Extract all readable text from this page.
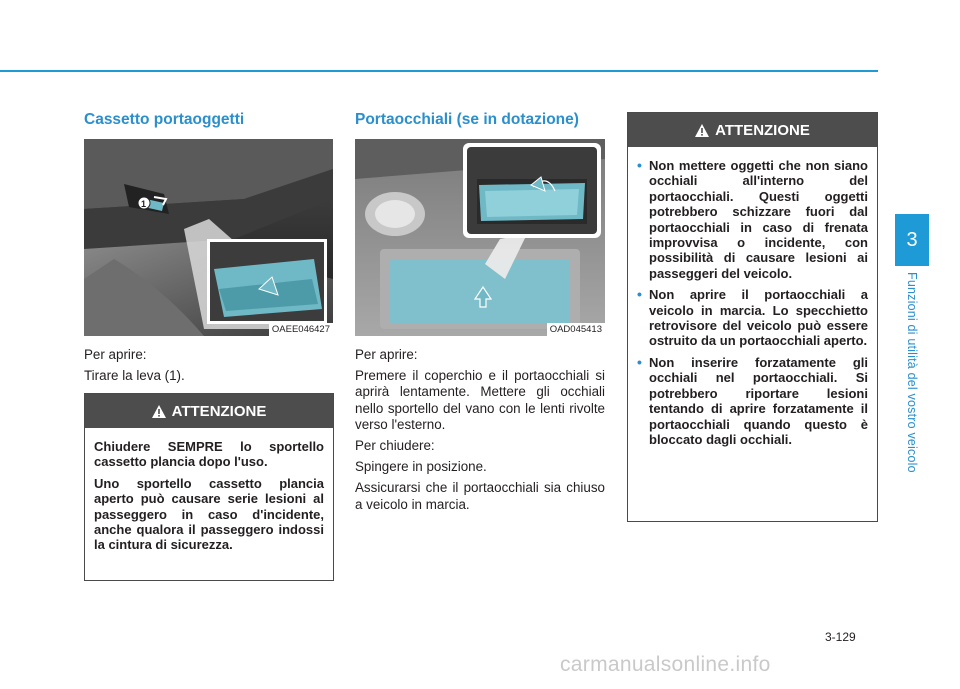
Cassetto portaoggetti
1
OAEE046427

Per aprire:

Tirare la leva (1).

ATTENZIONE

Chiudere SEMPRE lo sportello cassetto plancia dopo l'uso.

Uno sportello cassetto plancia aperto può causare serie lesioni al passeggero in caso d'incidente, anche qualora il passeggero indossi la cintura di sicurezza.

Portaocchiali (se in dotazione)
OAD045413

Per aprire:

Premere il coperchio e il portaocchiali si aprirà lentamente. Mettere gli occhiali nello sportello del vano con le lenti rivolte verso l'esterno.

Per chiudere:

Spingere in posizione.

Assicurarsi che il portaocchiali sia chiuso a veicolo in marcia.

ATTENZIONE
• Non mettere oggetti che non siano occhiali all'interno del portaocchiali. Questi oggetti potrebbero schizzare fuori dal portaocchiali in caso di frenata improvvisa o incidente, con possibilità di causare lesioni ai passeggeri del veicolo.
• Non aprire il portaocchiali a veicolo in marcia. Lo specchietto retrovisore del veicolo può essere ostruito da un portaocchiali aperto.
• Non inserire forzatamente gli occhiali nel portaocchiali. Si potrebbero riportare lesioni tentando di aprire forzatamente il portaocchiali quando questo è bloccato dagli occhiali.
3
Funzioni di utilità del vostro veicolo
3-129
carmanualsonline.info
